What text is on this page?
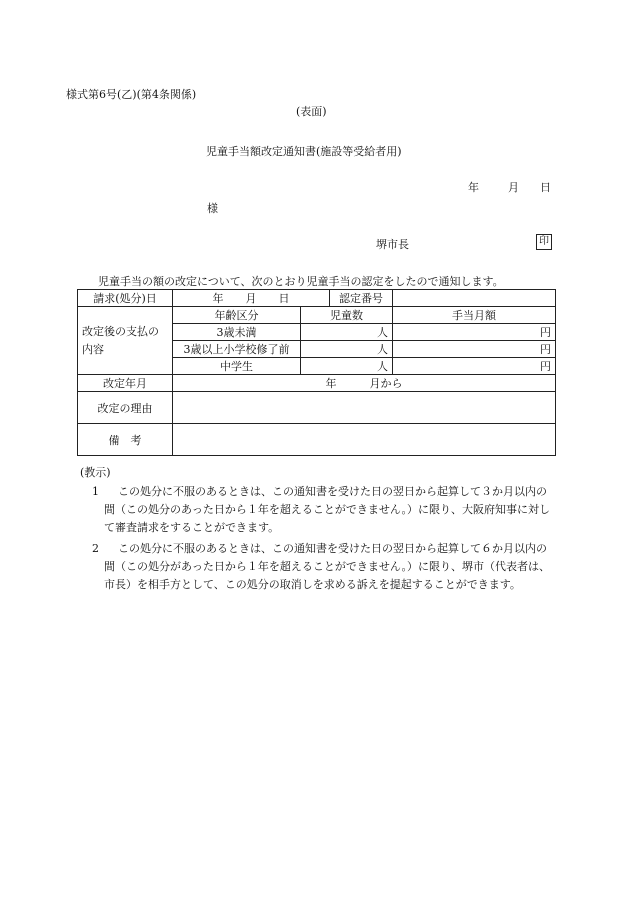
様式第6号(乙)(第4条関係)
(表面)
児童手当額改定通知書(施設等受給者用)
年	月 日
様
堺市長	印
児童手当の額の改定について、次のとおり児童手当の認定をしたので通知します。
請求(処分)日	年　　月　　日		認定番号	
改定後の支払の内容	年齢区分	児童数		手当月額
	3歳未満	人		円
	3歳以上小学校修了前	人		円
	中学生	人		円
改定年月	年　　　月から			
改定の理由				
備　考				
(教示)
1	この処分に不服のあるときは、この通知書を受けた日の翌日から起算して３か月以内の間（この処分のあった日から１年を超えることができません。）に限り、大阪府知事に対して審査請求をすることができます。
2	この処分に不服のあるときは、この通知書を受けた日の翌日から起算して６か月以内の間（この処分があった日から１年を超えることができません。）に限り、堺市（代表者は、市長）を相手方として、この処分の取消しを求める訴えを提起することができます。
